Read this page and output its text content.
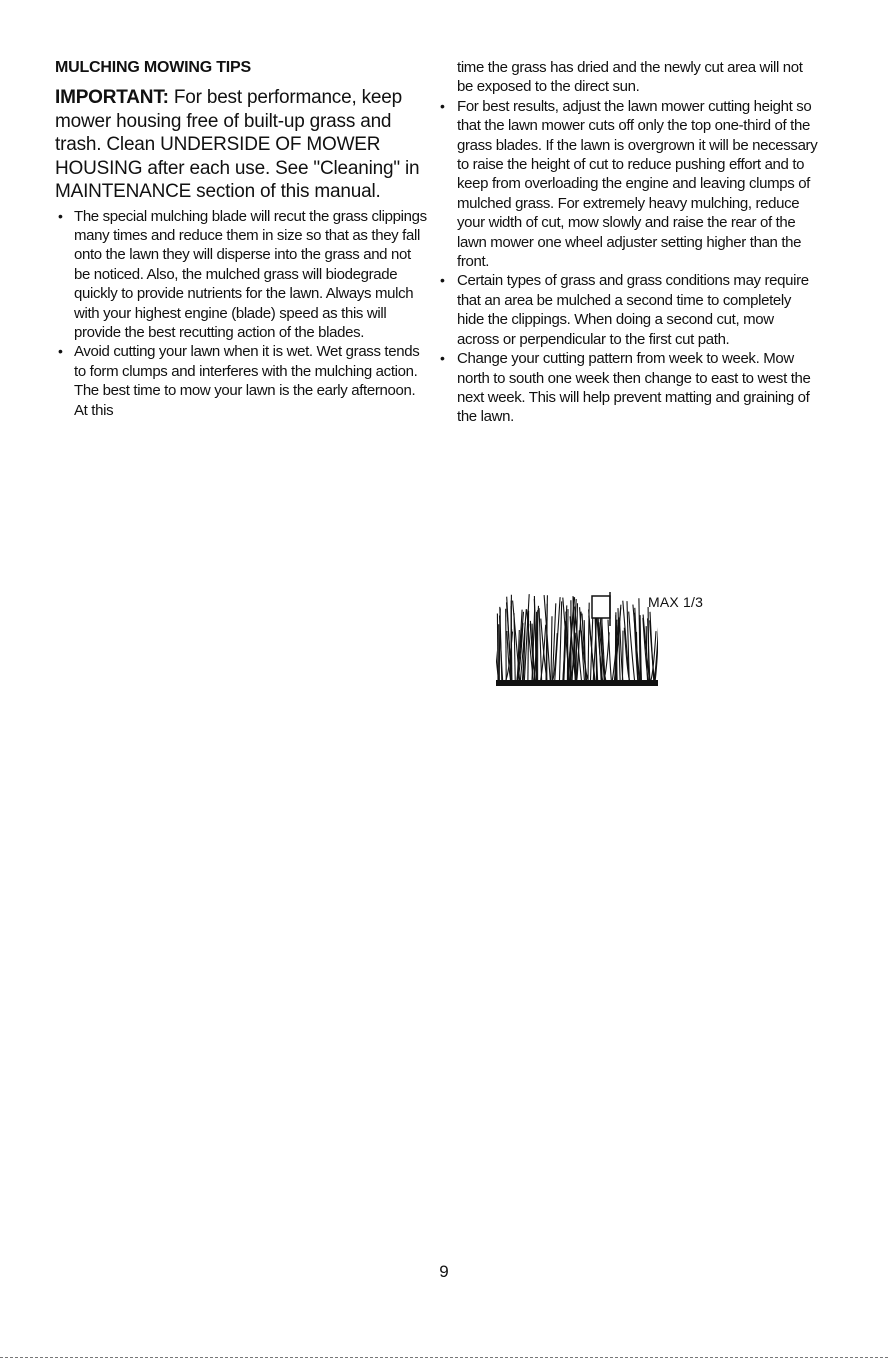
MULCHING MOWING TIPS

IMPORTANT: For best performance, keep mower housing free of built-up grass and trash. Clean UNDERSIDE OF MOWER HOUSING after each use. See "Cleaning" in MAINTENANCE section of this manual.

• The special mulching blade will recut the grass clippings many times and reduce them in size so that as they fall onto the lawn they will disperse into the grass and not be noticed. Also, the mulched grass will biodegrade quickly to provide nutrients for the lawn. Always mulch with your highest engine (blade) speed as this will provide the best recutting action of the blades.
• Avoid cutting your lawn when it is wet. Wet grass tends to form clumps and interferes with the mulching action. The best time to mow your lawn is the early afternoon. At this

time the grass has dried and the newly cut area will not be exposed to the direct sun.

• For best results, adjust the lawn mower cutting height so that the lawn mower cuts off only the top one-third of the grass blades. If the lawn is overgrown it will be necessary to raise the height of cut to reduce pushing effort and to keep from overloading the engine and leaving clumps of mulched grass. For extremely heavy mulching, reduce your width of cut, mow slowly and raise the rear of the lawn mower one wheel adjuster setting higher than the front.
• Certain types of grass and grass conditions may require that an area be mulched a second time to completely hide the clippings. When doing a second cut, mow across or perpendicular to the first cut path.
• Change your cutting pattern from week to week. Mow north to south one week then change to east to west the next week. This will help prevent matting and graining of the lawn.
MAX 1/3
9
